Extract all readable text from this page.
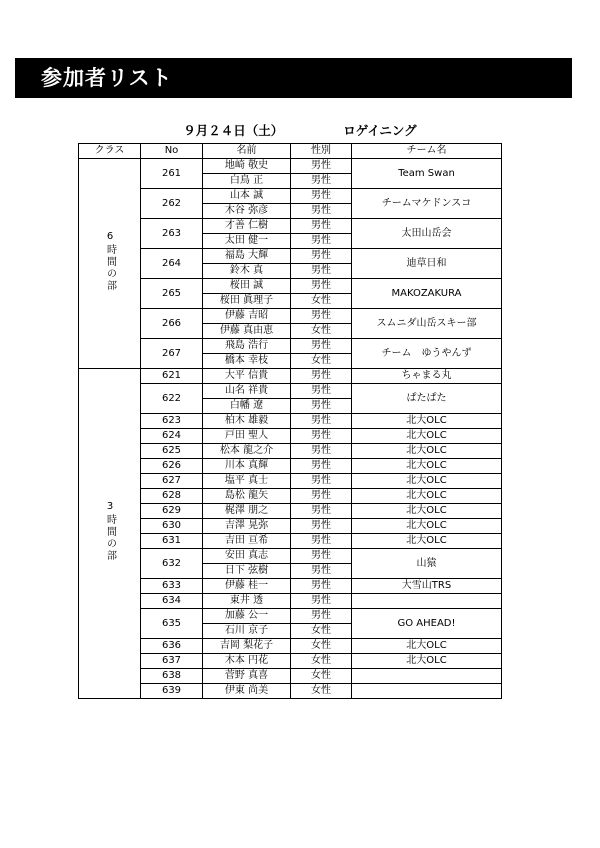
参加者リスト
９月２４日（土）	ロゲイニング
クラス	No	名前	性別	チーム名
6時間の部	261	地崎 敬史	男性	Team Swan
		白鳥 正	男性	
	262	山本 誠	男性	チームマケドンスコ
		木谷 弥彦	男性	
	263	才善 仁樹	男性	太田山岳会
		太田 健一	男性	
	264	福島 大輝	男性	迪草日和
		鈴木 真	男性	
	265	桜田 誠	男性	MAKOZAKURA
		桜田 眞理子	女性	
	266	伊藤 吉昭	男性	スムニダ山岳スキー部
		伊藤 真由恵	女性	
	267	飛島 浩行	男性	チーム　ゆうやんず
		橋本 幸枝	女性	
3時間の部	621	大平 信貴	男性	ちゃまる丸
	622	山名 祥貴	男性	ぱたぱた
		白幡 遼	男性	
	623	柏木 雄毅	男性	北大OLC
	624	戸田 聖人	男性	北大OLC
	625	松本 龍之介	男性	北大OLC
	626	川本 真輝	男性	北大OLC
	627	塩平 真士	男性	北大OLC
	628	島松 龍矢	男性	北大OLC
	629	梶澤 朋之	男性	北大OLC
	630	吉澤 晃弥	男性	北大OLC
	631	吉田 亘希	男性	北大OLC
	632	安田 真志	男性	山猿
		日下 弦樹	男性	
	633	伊藤 桂一	男性	大雪山TRS
	634	東井 透	男性	
	635	加藤 公一	男性	GO AHEAD!
		石川 京子	女性	
	636	吉岡 梨花子	女性	北大OLC
	637	木本 円花	女性	北大OLC
	638	菅野 真喜	女性	
	639	伊東 尚美	女性	
